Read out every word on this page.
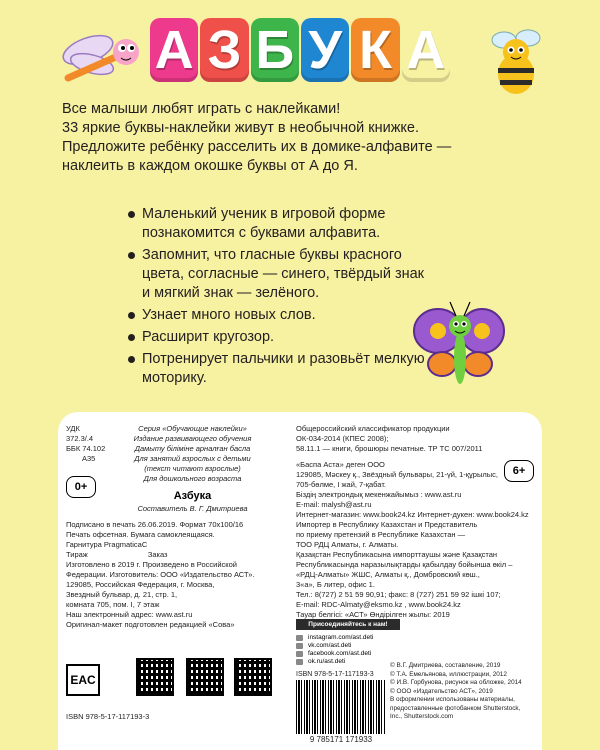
А З Б У К А
Все малыши любят играть с наклейками!
33 яркие буквы-наклейки живут в необычной книжке.
Предложите ребёнку расселить их в домике-алфавите —
наклеить в каждом окошке буквы от А до Я.
Маленький ученик в игровой форме познакомится с буквами алфавита.
Запомнит, что гласные буквы красного цвета, согласные — синего, твёрдый знак и мягкий знак — зелёного.
Узнает много новых слов.
Расширит кругозор.
Потренирует пальчики и разовьёт мелкую моторику.
УДК 372.3/.4
ББК 74.102
А35
0+
Серия «Обучающие наклейки»
Издание развивающего обучения
Дамыту біліміне арналған басла
Для занятий взрослых с детьми
(текст читают взрослые)
Для дошкольного возраста
Азбука
Составитель В. Г. Дмитриева
Подписано в печать 26.06.2019. Формат 70х100/16
Печать офсетная. Бумага самоклеящаяся.
Гарнитура PragmaticaC
Тираж	Заказ
Изготовлено в 2019 г. Произведено в Российской
Федерации. Изготовитель: ООО «Издательство АСТ».
129085, Российская Федерация, г. Москва,
Звездный бульвар, д. 21, стр. 1,
комната 705, пом. I, 7 этаж
Наш электронный адрес: www.ast.ru
Оригинал-макет подготовлен редакцией «Сова»
EAC
ISBN 978-5-17-117193-3
Общероссийский классификатор продукции
ОК-034-2014 (КПЕС 2008);
58.11.1 — книги, брошюры печатные. ТР ТС 007/2011
6+
«Баспа Аста» деген ООО
129085, Мәскеу қ., Звёздный бульвары, 21-үй, 1-құрылыс,
705-бөлме, I жай, 7-қабат.
Біздің электрондық мекенжайымыз : www.ast.ru
E-mail: malysh@ast.ru
Интернет-магазин: www.book24.kz Интернет-дукен: www.book24.kz
Импортер в Республику Казахстан и Представитель
по приему претензий в Республике Казахстан —
ТОО РДЦ Алматы, г. Алматы.
Қазақстан Республикасына импорттаушы және Қазақстан
Республикасында наразылықтарды қабылдау бойынша өкіл –
«РДЦ-Алматы» ЖШС, Алматы қ., Домбровский көш.,
3«а», Б литер, офис 1.
Тел.: 8(727) 2 51 59 90,91; факс: 8 (727) 251 59 92 ішкі 107;
E-mail: RDC-Almaty@eksmo.kz , www.book24.kz
Тауар белгісі: «АСТ» Өндірілген жылы: 2019
Присоединяйтесь к нам!
instagram.com/ast.deti
vk.com/ast.deti
facebook.com/ast.deti
ok.ru/ast.deti
ISBN 978-5-17-117193-3
9 785171 171933
© В.Г. Дмитриева, составление, 2019
© Т.А. Емельянова, иллюстрации, 2012
© И.В. Горбунова, рисунок на обложке, 2014
© ООО «Издательство АСТ», 2019
В оформлении использованы материалы,
предоставленные фотобанком Shutterstock,
Inc., Shutterstock.com
